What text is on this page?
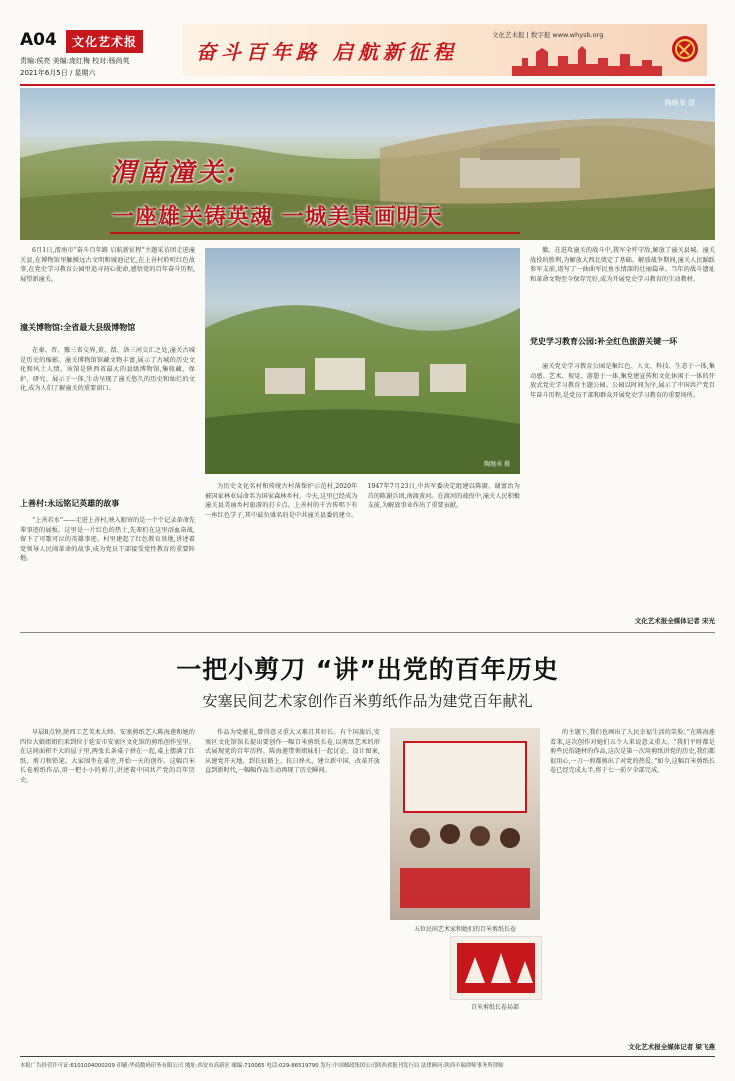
A04	文化艺术报
责编:侯亮 美编:庞红梅 校对:杨尚英
2021年6月5日 / 星期六
奋斗百年路 启航新征程
文化艺术报 | 数字报 www.whysb.org
陶继承 摄
渭南潼关:
一座雄关铸英魂 一城美景画明天
6月1日,渭南市“奋斗百年路 启航新征程”主题采访团走进潼关县,在博物馆里触摸远古文明和城池记忆,在上善村聆听红色故事,在党史学习教育公园里追寻初心使命,感悟党的百年奋斗历程,展望新潼关。
潼关博物馆:全省最大县级博物馆
在秦、晋、豫三省交界,黄、渭、洛三河交汇之处,潼关古城是历史的缩影。潼关博物馆馆藏文物丰富,展示了古城的历史文化和风土人情。该馆是陕西省最大的县级博物馆,集收藏、保护、研究、展示于一体,生动呈现了潼关悠久的历史和灿烂的文化,成为人们了解潼关的重要窗口。
上善村:永远铭记英雄的故事
“上善若水”——走进上善村,映入眼帘的是一个个记录革命先辈事迹的展板。这里是一片红色的热土,先辈们在这里浴血奋战,留下了可歌可泣的英雄事迹。村里建起了红色教育基地,讲述着党领导人民闹革命的故事,成为党员干部接受党性教育的重要阵地。
陶继承 摄
为历史文化名村和传统古村落保护示范村,2020年被国家林业局命名为国家森林乡村。今天,这里已经成为潼关县美丽乡村旅游的打卡点。上善村的千古传唱下有一座红色学子,其中最负盛名的是中共潼关县委的建立。1947年7月23日,中共军委决定组建以陈赓、谢富治为首的陈谢兵团,南渡黄河。在渡河的战役中,潼关人民积极支前,为解放事业作出了重要贡献。
撤。在进攻潼关的战斗中,我军全歼守敌,解放了潼关县城。潼关战役的胜利,为解放大西北奠定了基础。解放战争期间,潼关人民踊跃参军支前,谱写了一曲曲军民鱼水情深的壮丽篇章。当年的战斗遗址和革命文物至今保存完好,成为开展党史学习教育的生动教材。
党史学习教育公园:补全红色旅游关键一环
潼关党史学习教育公园是集红色、人文、科技、生态于一体,集动感、艺术、视觉、游憩于一体,集党建宣传和文化休闲于一体的开放式党史学习教育主题公园。公园以时间为序,展示了中国共产党百年奋斗历程,是党员干部和群众开展党史学习教育的重要场所。
文化艺术报全媒体记者 宋光
一把小剪刀 “讲”出党的百年历史
安塞民间艺术家创作百米剪纸作品为建党百年献礼
早晨8点钟,陕西工艺美术大师、安塞剪纸艺人陈海莲和她的四位大娘姐姐们来到位于延安市安塞区文化馆的剪纸创作室里。在这间面积不大的屋子里,两张长条桌子拼在一起,桌上摆满了红纸、剪刀和铅笔。大家围坐在桌旁,开始一天的创作。这幅百米长卷剪纸作品,用一把小小的剪刀,讲述着中国共产党的百年历史。
作品为党献礼,曾得意又重大又难且其好长。有个国旗后,安塞区文化馆馆长提出要创作一幅百米剪纸长卷,以剪纸艺术的形式展现党的百年历程。陈海莲带领姐妹们一起讨论、设计图案,从建党开天地、到长征路上、抗日烽火、建立新中国、改革开放直到新时代,一幅幅作品生动再现了历史瞬间。
五位民间艺术家和她们的百米剪纸长卷
百米剪纸长卷局部
的主题下,我们也画出了人民幸福生活的笑脸。”在陈海莲看来,这次创作对她们五个人来说意义重大。“我们平时都是剪些民俗题材的作品,这次是第一次用剪纸讲党的历史,我们都很用心,一刀一剪都剪出了对党的热爱。”如今,这幅百米剪纸长卷已经完成大半,将于七一前夕全部完成。
文化艺术报全媒体记者 梁飞燕
本报广告经营许可证:6101004000209 印刷:华商数码印务有限公司 地址:西安市高新区 邮编:710065 电话:029-86519790 发行:中国邮政集团公司陕西省报刊发行局 法律顾问:陕西丰瑞律师事务所律师
